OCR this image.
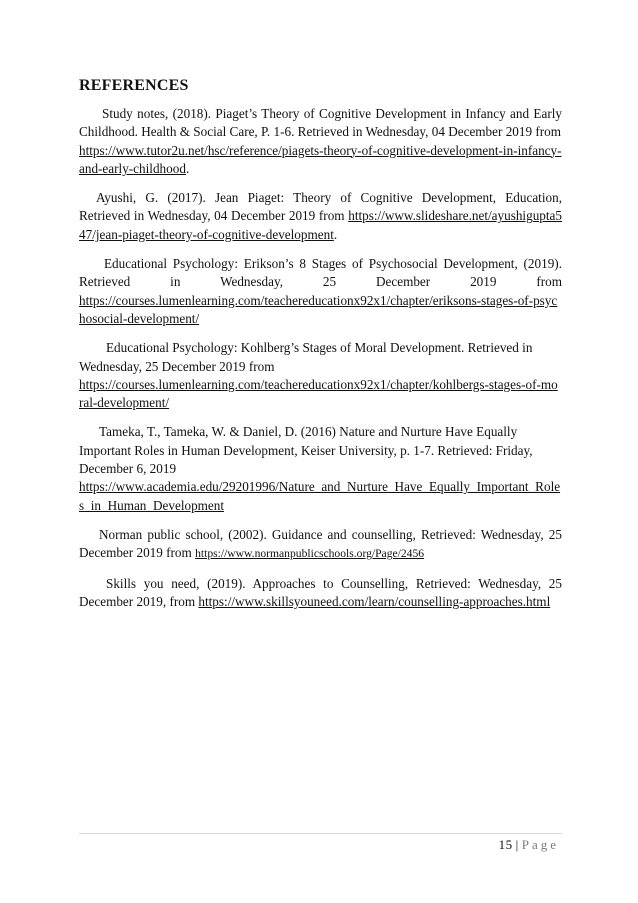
REFERENCES

Study notes, (2018). Piaget’s Theory of Cognitive Development in Infancy and Early Childhood. Health & Social Care, P. 1-6. Retrieved in Wednesday, 04 December 2019 from
https://www.tutor2u.net/hsc/reference/piagets-theory-of-cognitive-development-in-infancy-and-early-childhood.

Ayushi, G. (2017). Jean Piaget: Theory of Cognitive Development, Education, Retrieved in Wednesday, 04 December 2019 from https://www.slideshare.net/ayushigupta547/jean-piaget-theory-of-cognitive-development.

Educational Psychology: Erikson’s 8 Stages of Psychosocial Development, (2019). Retrieved in Wednesday, 25 December 2019 from

https://courses.lumenlearning.com/teachereducationx92x1/chapter/eriksons-stages-of-psychosocial-development/

Educational Psychology: Kohlberg’s Stages of Moral Development. Retrieved in Wednesday, 25 December 2019 from
https://courses.lumenlearning.com/teachereducationx92x1/chapter/kohlbergs-stages-of-moral-development/

Tameka, T., Tameka, W. & Daniel, D. (2016) Nature and Nurture Have Equally Important Roles in Human Development, Keiser University, p. 1-7. Retrieved: Friday, December 6, 2019
https://www.academia.edu/29201996/Nature_and_Nurture_Have_Equally_Important_Roles_in_Human_Development

Norman public school, (2002). Guidance and counselling, Retrieved: Wednesday, 25 December 2019 from https://www.normanpublicschools.org/Page/2456

Skills you need, (2019). Approaches to Counselling, Retrieved: Wednesday, 25 December 2019, from https://www.skillsyouneed.com/learn/counselling-approaches.html

15 | Page
